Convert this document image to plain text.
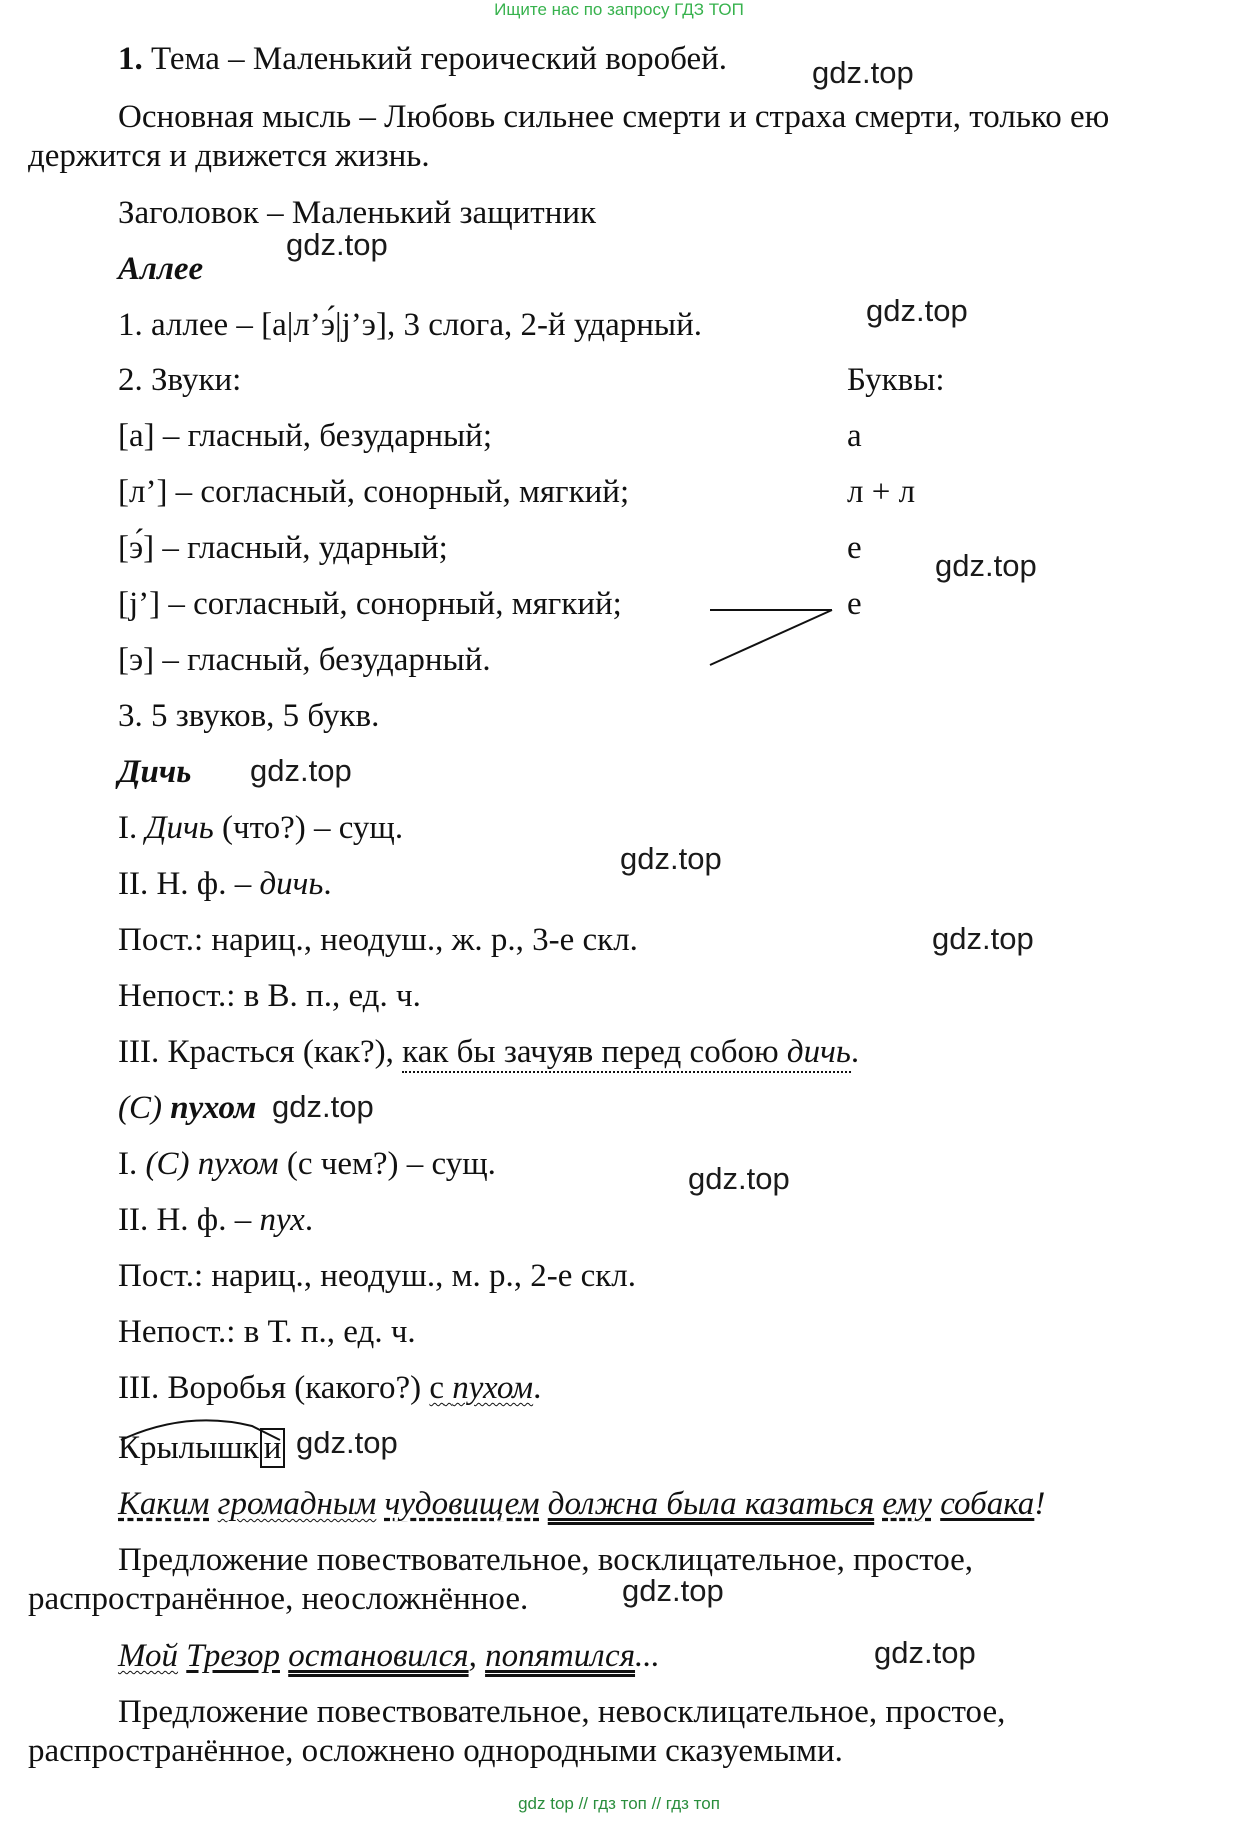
Ищите нас по запросу ГДЗ ТОП
1. Тема – Маленький героический воробей.
Основная мысль – Любовь сильнее смерти и страха смерти, только ею
держится и движется жизнь.
Заголовок – Маленький защитник
Аллее
1. аллее – [а|л’э́|j’э], 3 слога, 2-й ударный.
2. Звуки:	Буквы:
[а] – гласный, безударный;	а
[л’] – согласный, сонорный, мягкий;	л + л
[э́] – гласный, ударный;	е
[j’] – согласный, сонорный, мягкий;	е
[э] – гласный, безударный.
3. 5 звуков, 5 букв.
Дичь
I. Дичь (что?) – сущ.
II. Н. ф. – дичь.
Пост.: нариц., неодуш., ж. р., 3-е скл.
Непост.: в В. п., ед. ч.
III. Красться (как?), как бы зачуяв перед собою дичь.
(С) пухом
I. (С) пухом (с чем?) – сущ.
II. Н. ф. – пух.
Пост.: нариц., неодуш., м. р., 2-е скл.
Непост.: в Т. п., ед. ч.
III. Воробья (какого?) с пухом.
Крылышк и
Каким громадным чудовищем должна была казаться ему собака!
Предложение повествовательное, восклицательное, простое,
распространённое, неосложнённое.
Мой Трезор остановился, попятился...
Предложение повествовательное, невосклицательное, простое,
распространённое, осложнено однородными сказуемыми.
gdz.top
gdz.top
gdz.top
gdz.top
gdz.top
gdz.top
gdz.top
gdz.top
gdz.top
gdz.top
gdz.top
gdz.top
gdz top // гдз топ // гдз топ
